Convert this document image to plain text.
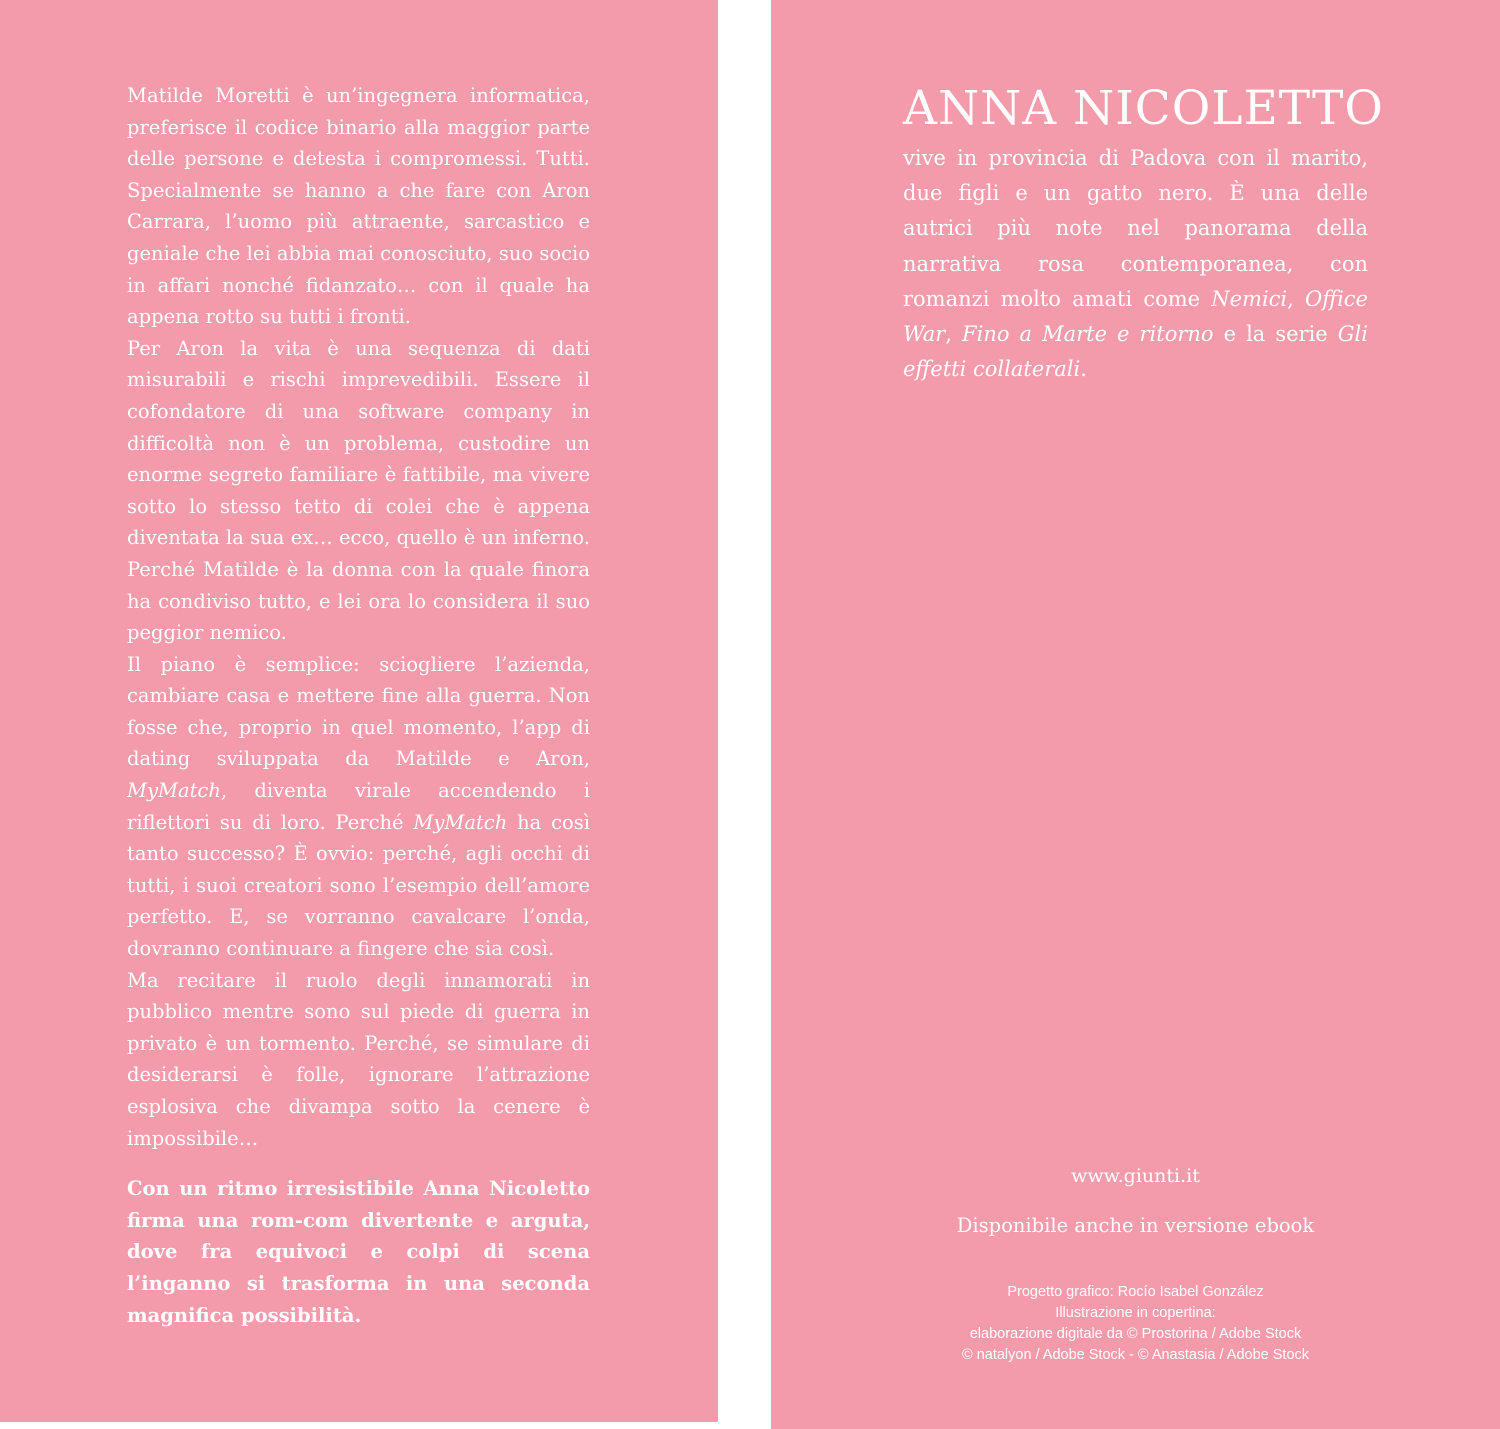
Matilde Moretti è un’ingegnera informatica, preferisce il codice binario alla maggior parte delle persone e detesta i compromessi. Tutti. Specialmente se hanno a che fare con Aron Carrara, l’uomo più attraente, sarcastico e geniale che lei abbia mai conosciuto, suo socio in affari nonché fidanzato… con il quale ha appena rotto su tutti i fronti.

Per Aron la vita è una sequenza di dati misurabili e rischi imprevedibili. Essere il cofondatore di una software company in difficoltà non è un problema, custodire un enorme segreto familiare è fattibile, ma vivere sotto lo stesso tetto di colei che è appena diventata la sua ex… ecco, quello è un inferno. Perché Matilde è la donna con la quale finora ha condiviso tutto, e lei ora lo considera il suo peggior nemico.

Il piano è semplice: sciogliere l’azienda, cambiare casa e mettere fine alla guerra. Non fosse che, proprio in quel momento, l’app di dating sviluppata da Matilde e Aron, MyMatch, diventa virale accendendo i riflettori su di loro. Perché MyMatch ha così tanto successo? È ovvio: perché, agli occhi di tutti, i suoi creatori sono l’esempio dell’amore perfetto. E, se vorranno cavalcare l’onda, dovranno continuare a fingere che sia così.

Ma recitare il ruolo degli innamorati in pubblico mentre sono sul piede di guerra in privato è un tormento. Perché, se simulare di desiderarsi è folle, ignorare l’attrazione esplosiva che divampa sotto la cenere è impossibile…

Con un ritmo irresistibile Anna Nicoletto firma una rom-com divertente e arguta, dove fra equivoci e colpi di scena l’inganno si trasforma in una seconda magnifica possibilità.

ANNA NICOLETTO

vive in provincia di Padova con il marito, due figli e un gatto nero. È una delle autrici più note nel panorama della narrativa rosa contemporanea, con romanzi molto amati come Nemici, Office War, Fino a Marte e ritorno e la serie Gli effetti collaterali.

www.giunti.it
Disponibile anche in versione ebook
Progetto grafico: Rocío Isabel González
Illustrazione in copertina:
elaborazione digitale da © Prostorina / Adobe Stock
© natalyon / Adobe Stock - © Anastasia / Adobe Stock
